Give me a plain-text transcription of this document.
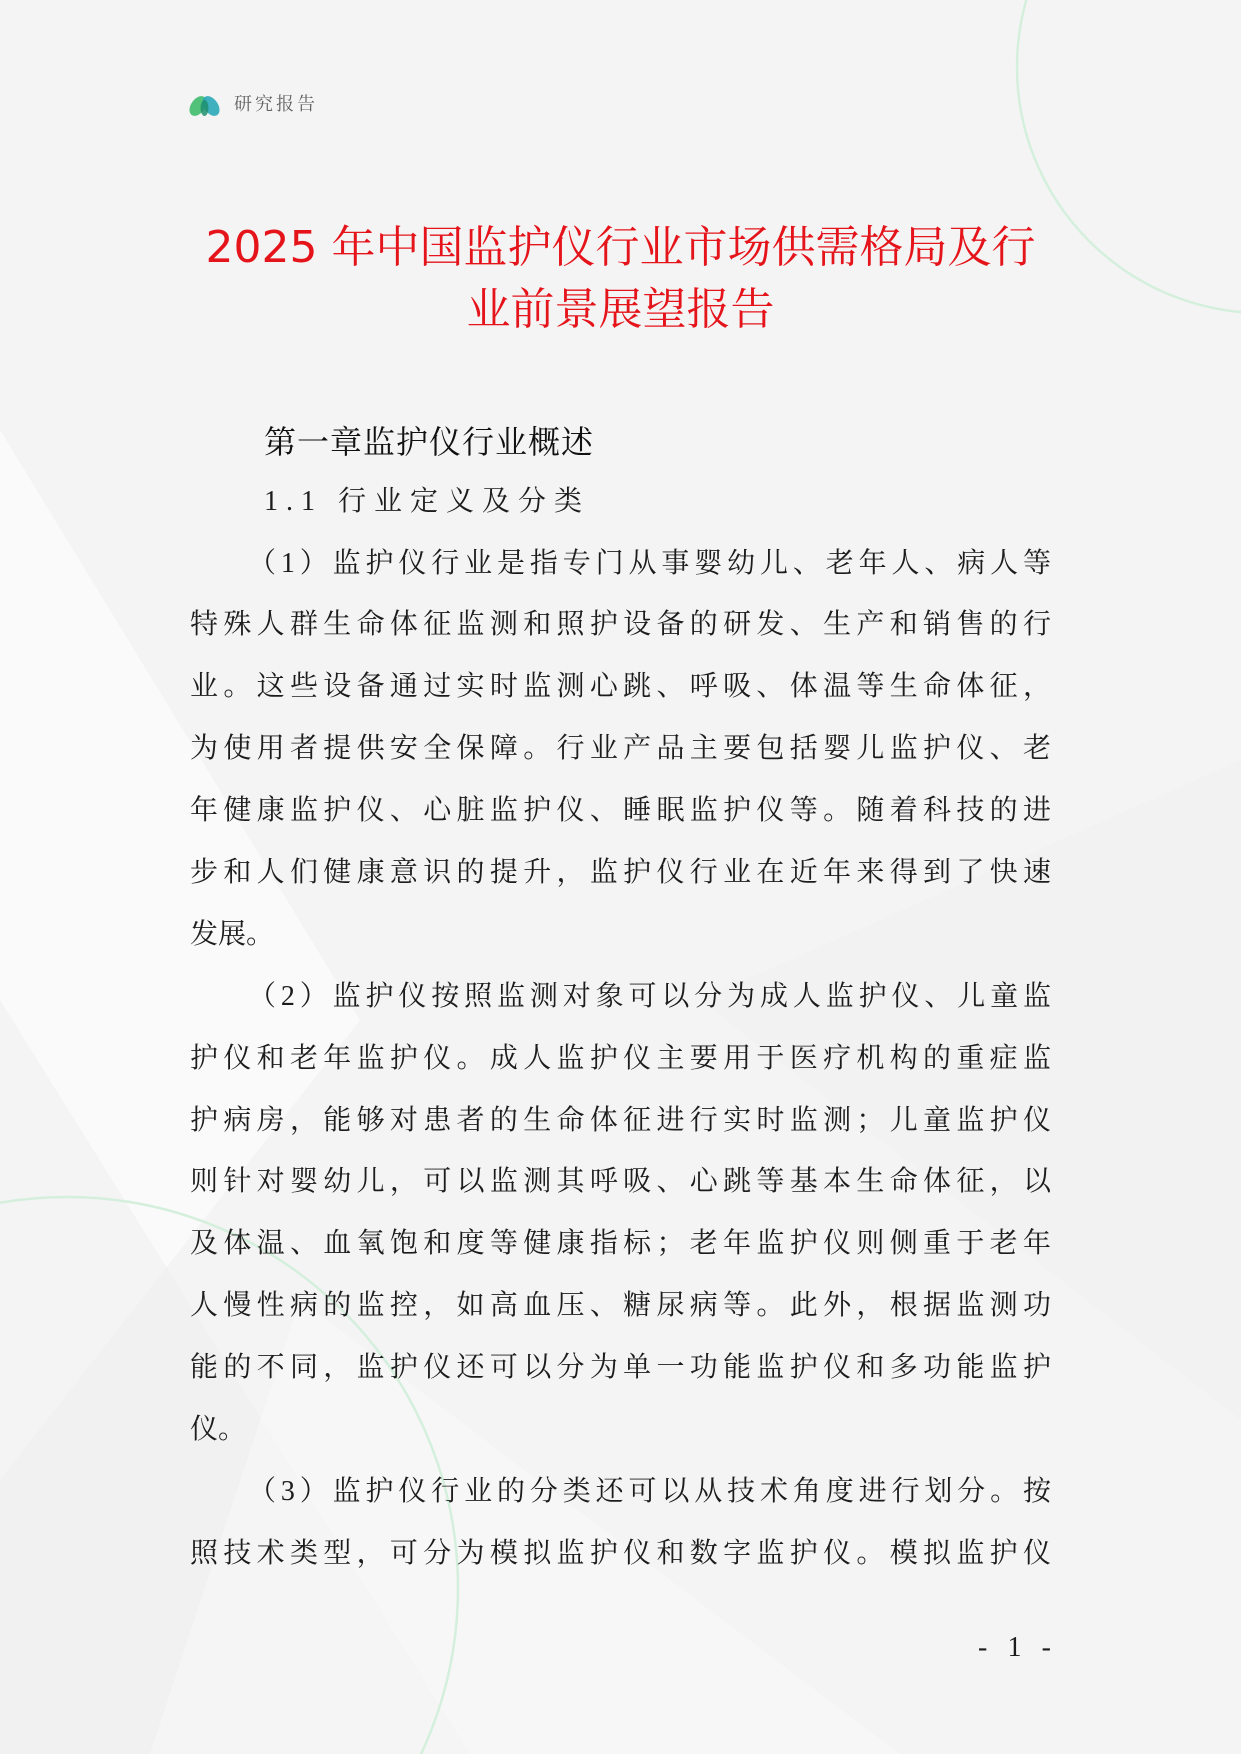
研究报告
2025 年中国监护仪行业市场供需格局及行
业前景展望报告
第一章监护仪行业概述
1.1 行业定义及分类
（1）监护仪行业是指专门从事婴幼儿、老年人、病人等
特殊人群生命体征监测和照护设备的研发、生产和销售的行
业。这些设备通过实时监测心跳、呼吸、体温等生命体征，
为使用者提供安全保障。行业产品主要包括婴儿监护仪、老
年健康监护仪、心脏监护仪、睡眠监护仪等。随着科技的进
步和人们健康意识的提升，监护仪行业在近年来得到了快速
发展。
（2）监护仪按照监测对象可以分为成人监护仪、儿童监
护仪和老年监护仪。成人监护仪主要用于医疗机构的重症监
护病房，能够对患者的生命体征进行实时监测；儿童监护仪
则针对婴幼儿，可以监测其呼吸、心跳等基本生命体征，以
及体温、血氧饱和度等健康指标；老年监护仪则侧重于老年
人慢性病的监控，如高血压、糖尿病等。此外，根据监测功
能的不同，监护仪还可以分为单一功能监护仪和多功能监护
仪。
（3）监护仪行业的分类还可以从技术角度进行划分。按
照技术类型，可分为模拟监护仪和数字监护仪。模拟监护仪
- 1 -
